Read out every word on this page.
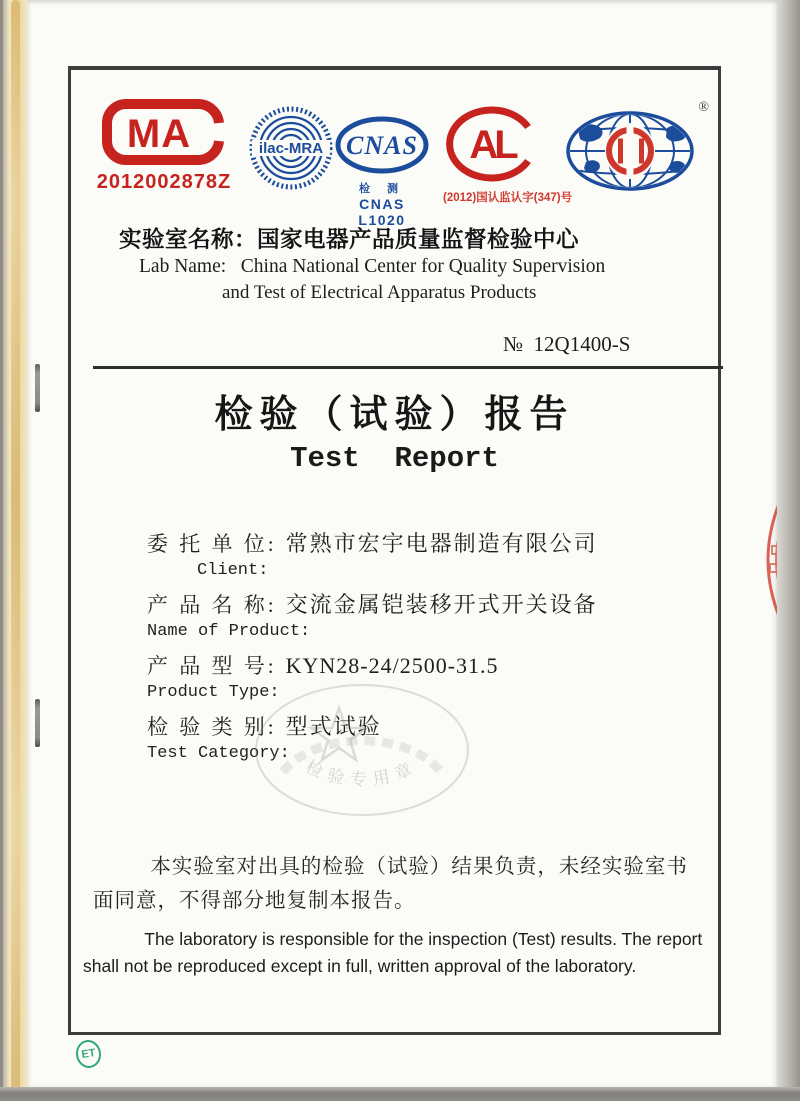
ET
MA
2012002878Z
ilac-MRA CNAS
检 测
CNAS L1020
AL
(2012)国认监认字(347)号
®
实验室名称：国家电器产品质量监督检验中心
Lab Name:   China National Center for Quality Supervision
and Test of Electrical Apparatus Products
№  12Q1400-S
检验（试验）报告
Test  Report
委 托 单 位: 常熟市宏宇电器制造有限公司
Client:
产 品 名 称: 交流金属铠装移开式开关设备
Name of Product:
产 品 型 号: KYN28-24/2500-31.5
Product Type:
检 验 类 别: 型式试验
Test Category:
检验专用章
本实验室对出具的检验（试验）结果负责，未经实验室书面同意，不得部分地复制本报告。
The laboratory is responsible for the inspection (Test) results. The report shall not be reproduced except in full, written approval of the laboratory.
